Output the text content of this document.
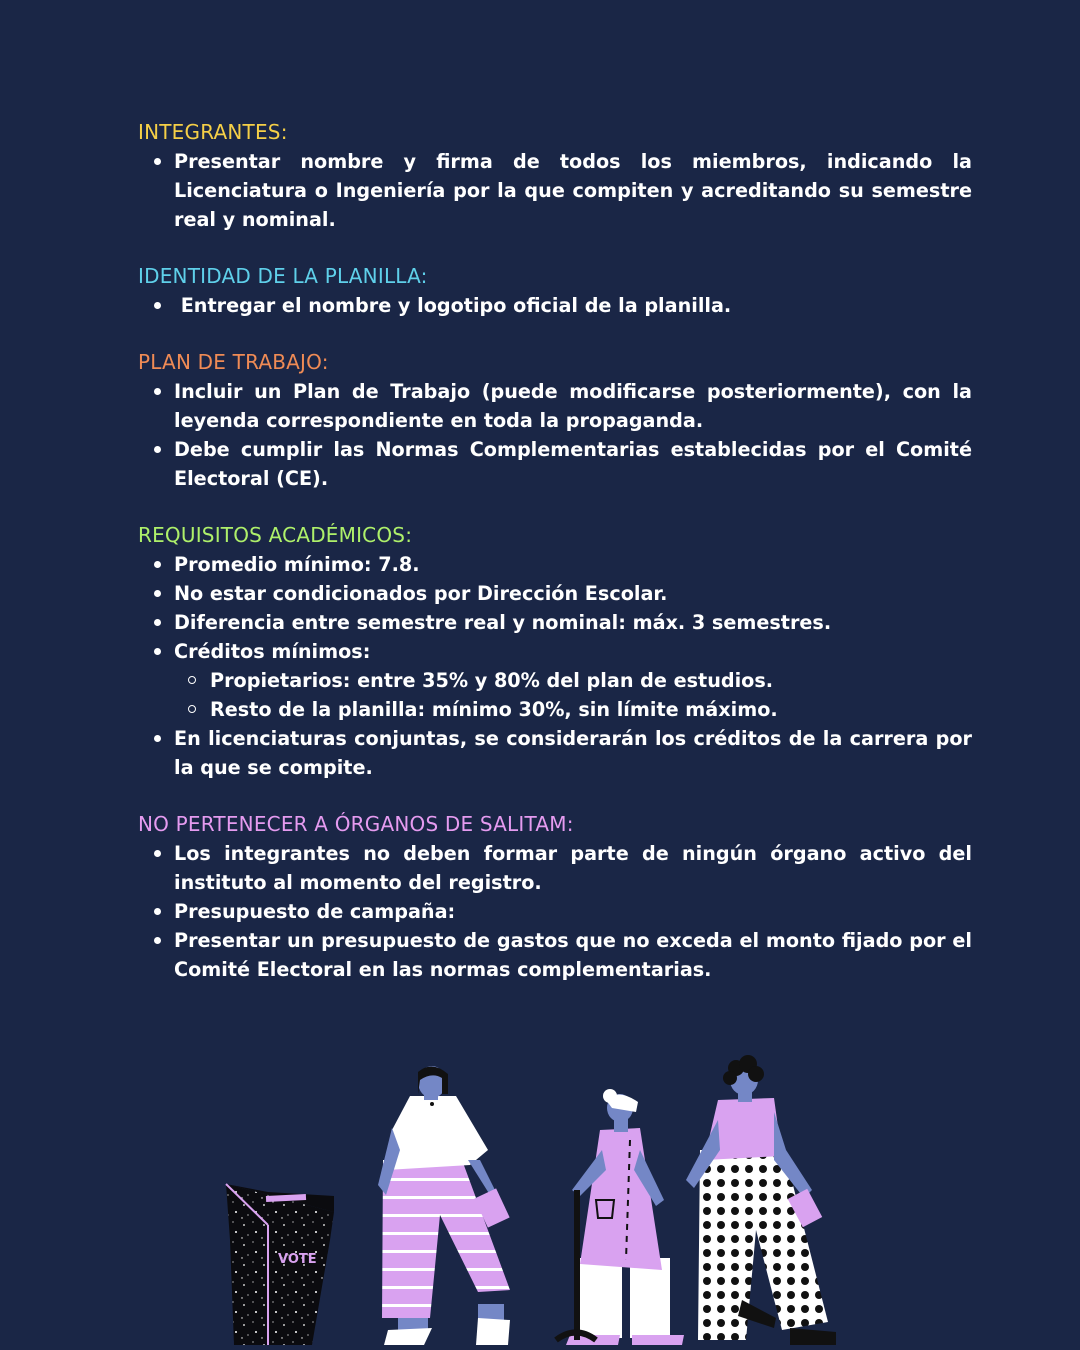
INTEGRANTES:

Presentar nombre y firma de todos los miembros, indicando la Licenciatura o Ingeniería por la que compiten y acreditando su semestre real y nominal.

IDENTIDAD DE LA PLANILLA:

Entregar el nombre y logotipo oficial de la planilla.

PLAN DE TRABAJO:

Incluir un Plan de Trabajo (puede modificarse posteriormente), con la leyenda correspondiente en toda la propaganda.
Debe cumplir las Normas Complementarias establecidas por el Comité Electoral (CE).

REQUISITOS ACADÉMICOS:

Promedio mínimo: 7.8.
No estar condicionados por Dirección Escolar.
Diferencia entre semestre real y nominal: máx. 3 semestres.
Créditos mínimos:
Propietarios: entre 35% y 80% del plan de estudios.
Resto de la planilla: mínimo 30%, sin límite máximo.
En licenciaturas conjuntas, se considerarán los créditos de la carrera por la que se compite.

NO PERTENECER A ÓRGANOS DE SALITAM:

Los integrantes no deben formar parte de ningún órgano activo del instituto al momento del registro.
Presupuesto de campaña:
Presentar un presupuesto de gastos que no exceda el monto fijado por el Comité Electoral en las normas complementarias.
VOTE
